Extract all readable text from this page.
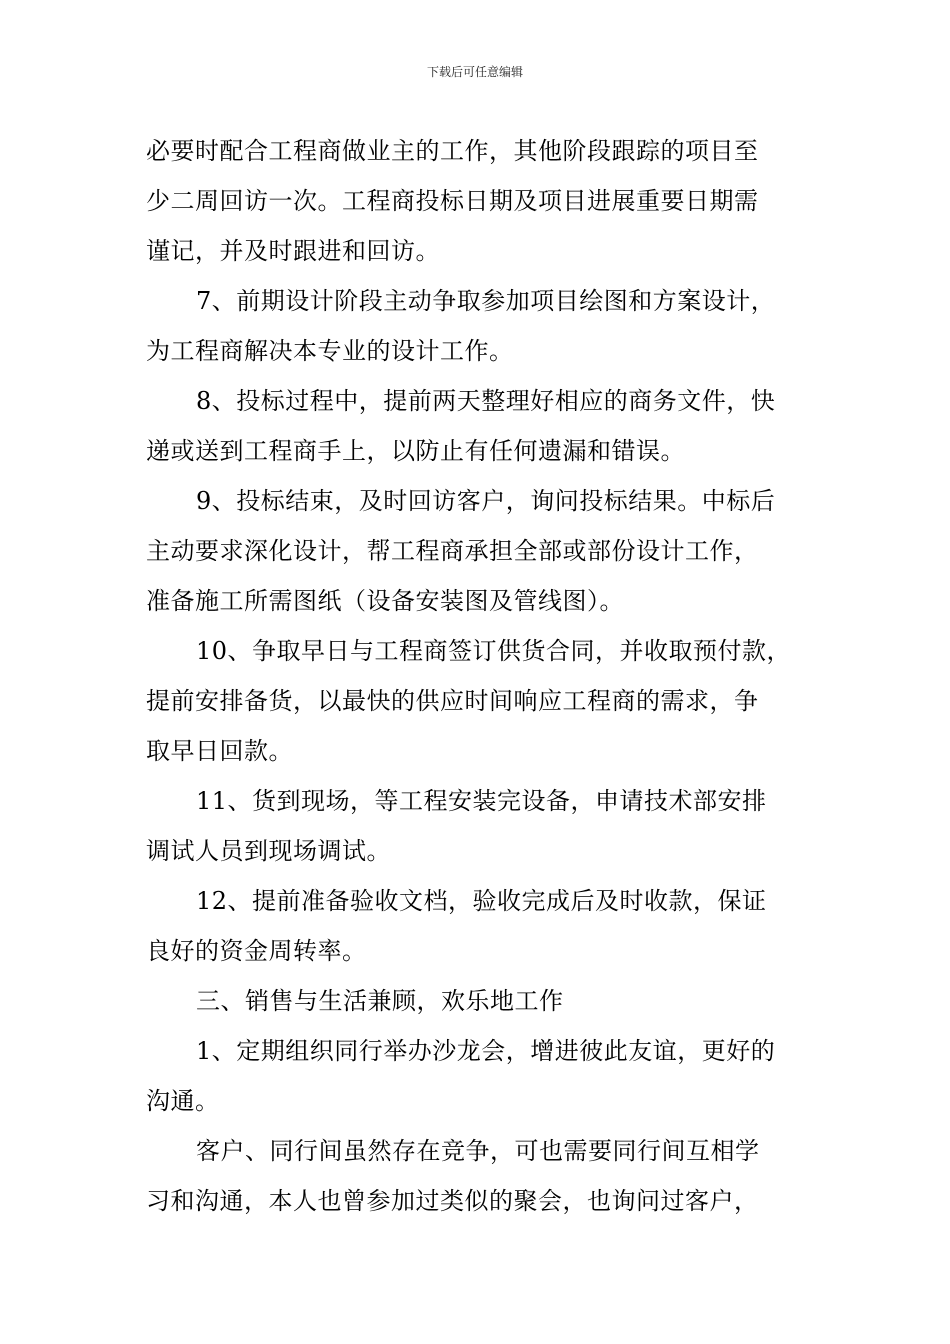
下载后可任意编辑
必要时配合工程商做业主的工作，其他阶段跟踪的项目至
少二周回访一次。工程商投标日期及项目进展重要日期需
谨记，并及时跟进和回访。
7、前期设计阶段主动争取参加项目绘图和方案设计，
为工程商解决本专业的设计工作。
8、投标过程中，提前两天整理好相应的商务文件，快
递或送到工程商手上，以防止有任何遗漏和错误。
9、投标结束，及时回访客户，询问投标结果。中标后
主动要求深化设计，帮工程商承担全部或部份设计工作，
准备施工所需图纸（设备安装图及管线图）。
10、争取早日与工程商签订供货合同，并收取预付款，
提前安排备货，以最快的供应时间响应工程商的需求，争
取早日回款。
11、货到现场，等工程安装完设备，申请技术部安排
调试人员到现场调试。
12、提前准备验收文档，验收完成后及时收款，保证
良好的资金周转率。
三、销售与生活兼顾，欢乐地工作
1、定期组织同行举办沙龙会，增进彼此友谊，更好的
沟通。
客户、同行间虽然存在竞争，可也需要同行间互相学
习和沟通，本人也曾参加过类似的聚会，也询问过客户，
